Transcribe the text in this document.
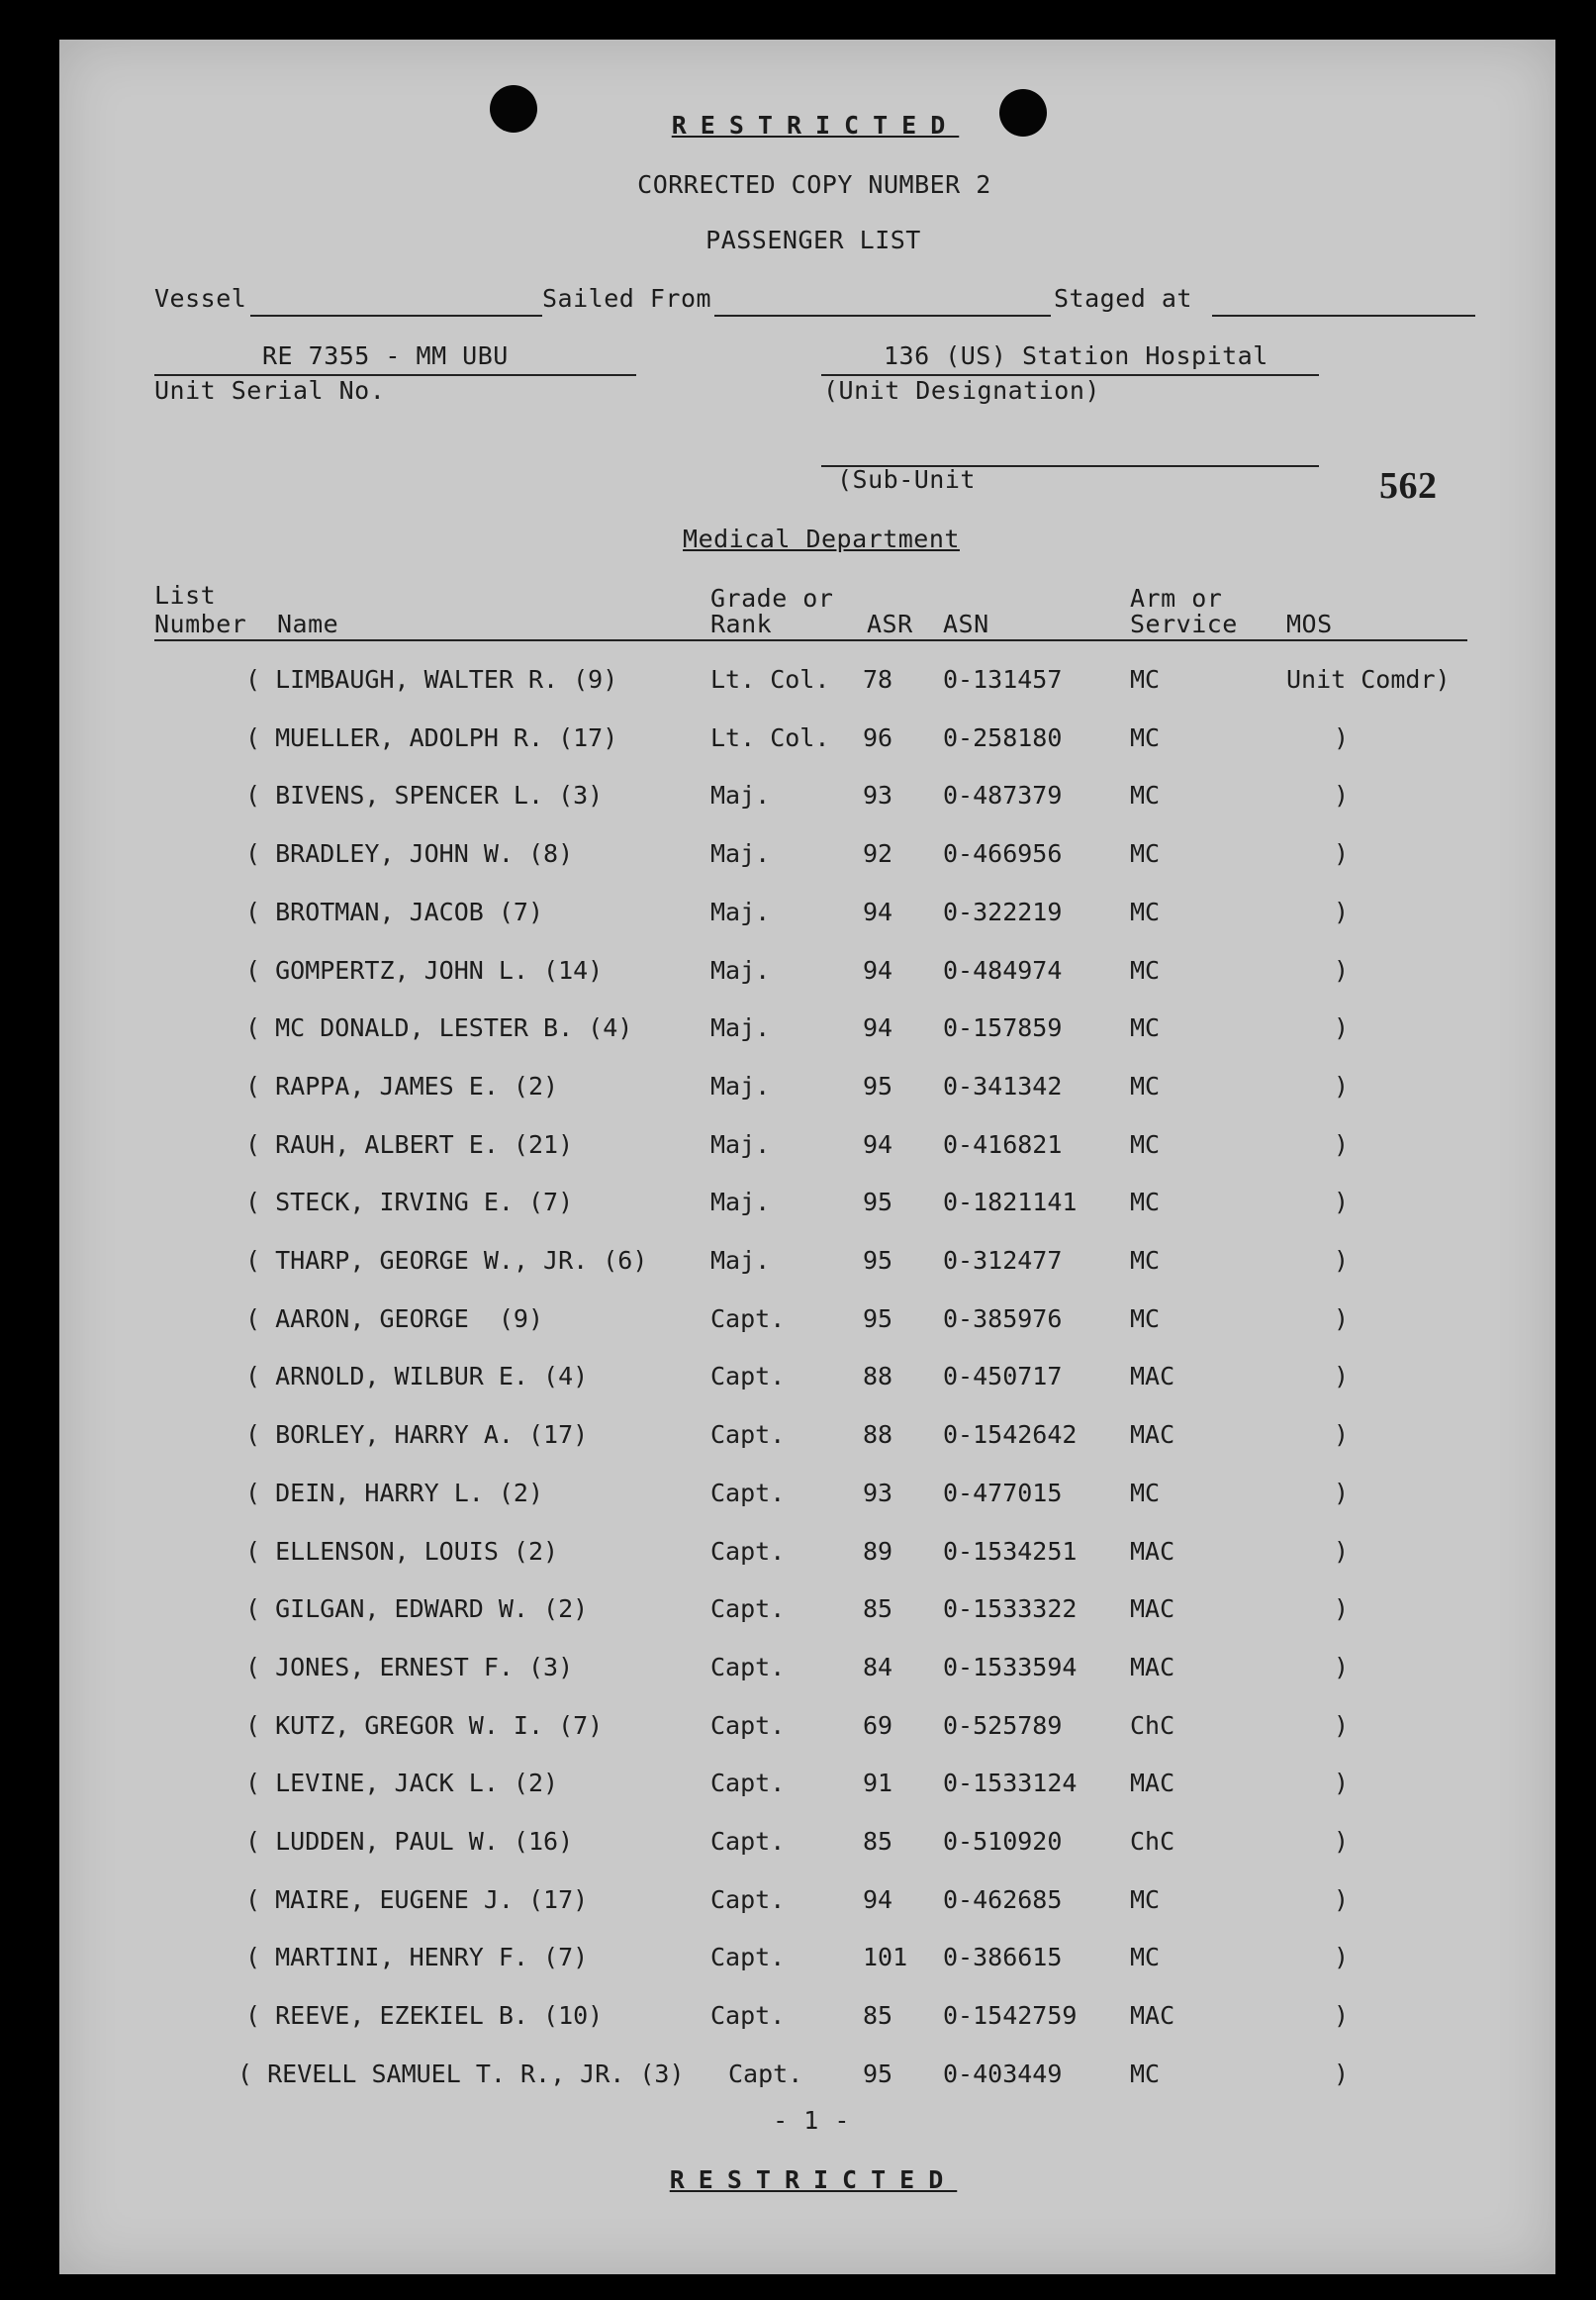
RESTRICTED
CORRECTED COPY NUMBER 2
PASSENGER LIST
Vessel	Sailed From	Staged at
RE 7355 - MM UBU
Unit Serial No.
136 (US) Station Hospital
(Unit Designation)
(Sub-Unit	562
Medical Department
List
Number Name
Grade or
Rank	ASR ASN
Arm or
Service MOS
( LIMBAUGH, WALTER R. (9)	Lt. Col. 78 0-131457	MC	Unit Comdr)
( MUELLER, ADOLPH R. (17)	Lt. Col. 96 0-258180	MC	)
( BIVENS, SPENCER L. (3)	Maj.	93 0-487379	MC	)
( BRADLEY, JOHN W. (8)	Maj.	92 0-466956	MC	)
( BROTMAN, JACOB (7)	Maj.	94 0-322219	MC	)
( GOMPERTZ, JOHN L. (14)	Maj.	94 0-484974	MC	)
( MC DONALD, LESTER B. (4)	Maj.	94 0-157859	MC	)
( RAPPA, JAMES E. (2)	Maj.	95 0-341342	MC	)
( RAUH, ALBERT E. (21)	Maj.	94 0-416821	MC	)
( STECK, IRVING E. (7)	Maj.	95 0-1821141 MC	)
( THARP, GEORGE W., JR. (6)	Maj.	95 0-312477	MC	)
( AARON, GEORGE  (9)	Capt.	95 0-385976	MC	)
( ARNOLD, WILBUR E. (4)	Capt.	88 0-450717	MAC	)
( BORLEY, HARRY A. (17)	Capt.	88 0-1542642 MAC	)
( DEIN, HARRY L. (2)	Capt.	93 0-477015	MC	)
( ELLENSON, LOUIS (2)	Capt.	89 0-1534251 MAC	)
( GILGAN, EDWARD W. (2)	Capt.	85 0-1533322 MAC	)
( JONES, ERNEST F. (3)	Capt.	84 0-1533594 MAC	)
( KUTZ, GREGOR W. I. (7)	Capt.	69 0-525789	ChC	)
( LEVINE, JACK L. (2)	Capt.	91 0-1533124 MAC	)
( LUDDEN, PAUL W. (16)	Capt.	85 0-510920	ChC	)
( MAIRE, EUGENE J. (17)	Capt.	94 0-462685	MC	)
( MARTINI, HENRY F. (7)	Capt.	101 0-386615	MC	)
( REEVE, EZEKIEL B. (10)	Capt.	85 0-1542759 MAC	)
( REVELL SAMUEL T. R., JR. (3) Capt. 95 0-403449	MC	)
- 1 -
RESTRICTED
